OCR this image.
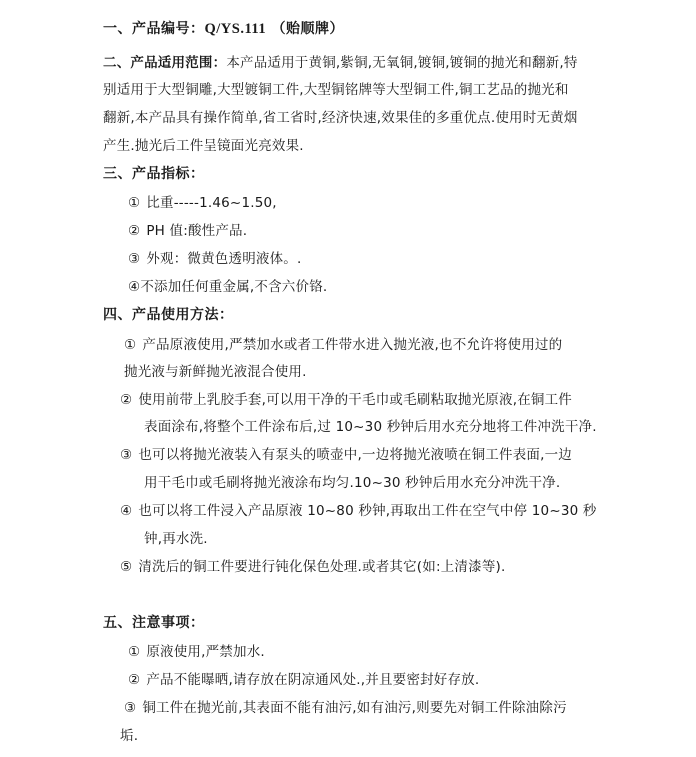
一、产品编号：Q/YS.111 （贻顺牌）
二、产品适用范围：本产品适用于黄铜,紫铜,无氧铜,镀铜,镀铜的抛光和翻新,特
别适用于大型铜雕,大型镀铜工件,大型铜铭牌等大型铜工件,铜工艺品的抛光和
翻新,本产品具有操作简单,省工省时,经济快速,效果佳的多重优点.使用时无黄烟
产生.抛光后工件呈镜面光亮效果.
三、产品指标：
① 比重-----1.46~1.50,
② PH 值:酸性产品.
③ 外观：微黄色透明液体。.
④不添加任何重金属,不含六价铬.
四、产品使用方法：
① 产品原液使用,严禁加水或者工件带水进入抛光液,也不允许将使用过的
抛光液与新鲜抛光液混合使用.
② 使用前带上乳胶手套,可以用干净的干毛巾或毛刷粘取抛光原液,在铜工件
表面涂布,将整个工件涂布后,过 10~30 秒钟后用水充分地将工件冲洗干净.
③ 也可以将抛光液装入有泵头的喷壶中,一边将抛光液喷在铜工件表面,一边
用干毛巾或毛刷将抛光液涂布均匀.10~30 秒钟后用水充分冲洗干净.
④ 也可以将工件浸入产品原液 10~80 秒钟,再取出工件在空气中停 10~30 秒
钟,再水洗.
⑤ 清洗后的铜工件要进行钝化保色处理.或者其它(如:上清漆等).
五、注意事项：
① 原液使用,严禁加水.
② 产品不能曝晒,请存放在阴凉通风处.,并且要密封好存放.
③ 铜工件在抛光前,其表面不能有油污,如有油污,则要先对铜工件除油除污
垢.
